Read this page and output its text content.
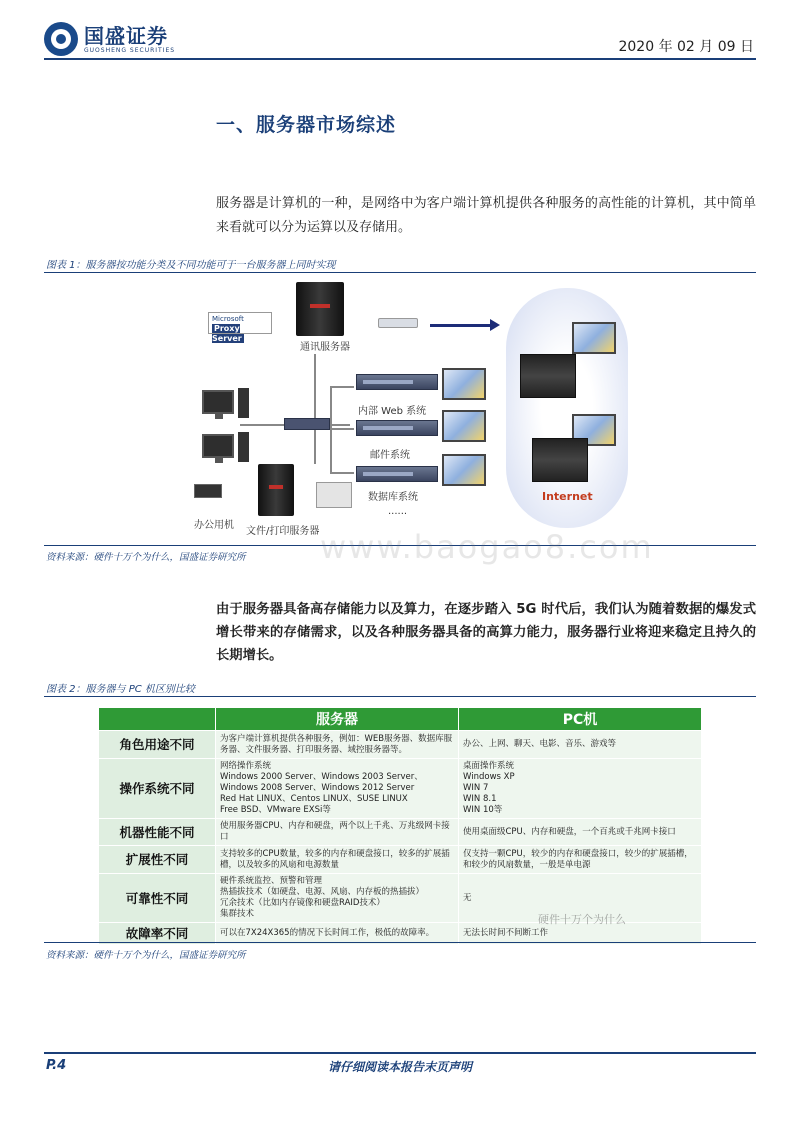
国盛证券
GUOSHENG SECURITIES	2020 年 02 月 09 日
一、服务器市场综述
服务器是计算机的一种，是网络中为客户端计算机提供各种服务的高性能的计算机，其中简单来看就可以分为运算以及存储用。
图表 1：服务器按功能分类及不同功能可于一台服务器上同时实现
Internet
Microsoft
Proxy Server
通讯服务器
内部 Web 系统
邮件系统
数据库系统
......
办公用机
文件/打印服务器
资料来源：硬件十万个为什么，国盛证券研究所 www.baogao8.com
由于服务器具备高存储能力以及算力，在逐步踏入 5G 时代后，我们认为随着数据的爆发式增长带来的存储需求，以及各种服务器具备的高算力能力，服务器行业将迎来稳定且持久的长期增长。
图表 2：服务器与 PC 机区别比较
	服务器	PC机
角色用途不同	为客户端计算机提供各种服务，例如：WEB服务器、数据库服务器、文件服务器、打印服务器、域控服务器等。	办公、上网、聊天、电影、音乐、游戏等
操作系统不同	网络操作系统
Windows 2000 Server、Windows 2003 Server、Windows 2008 Server、Windows 2012 Server
Red Hat LINUX、Centos LINUX、SUSE LINUX
Free BSD、VMware EXSi等	桌面操作系统
Windows XP
WIN 7
WIN 8.1
WIN 10等
机器性能不同	使用服务器CPU、内存和硬盘，两个以上千兆、万兆级网卡接口	使用桌面级CPU、内存和硬盘，一个百兆或千兆网卡接口
扩展性不同	支持较多的CPU数量，较多的内存和硬盘接口，较多的扩展插槽，以及较多的风扇和电源数量	仅支持一颗CPU，较少的内存和硬盘接口，较少的扩展插槽，和较少的风扇数量，一般是单电源
可靠性不同	硬件系统监控、预警和管理
热插拔技术（如硬盘、电源、风扇、内存板的热插拔）
冗余技术（比如内存镜像和硬盘RAID技术）
集群技术	无
故障率不同	可以在7X24X365的情况下长时间工作，极低的故障率。	无法长时间不间断工作
硬件十万个为什么
资料来源：硬件十万个为什么，国盛证券研究所
P.4	请仔细阅读本报告末页声明
